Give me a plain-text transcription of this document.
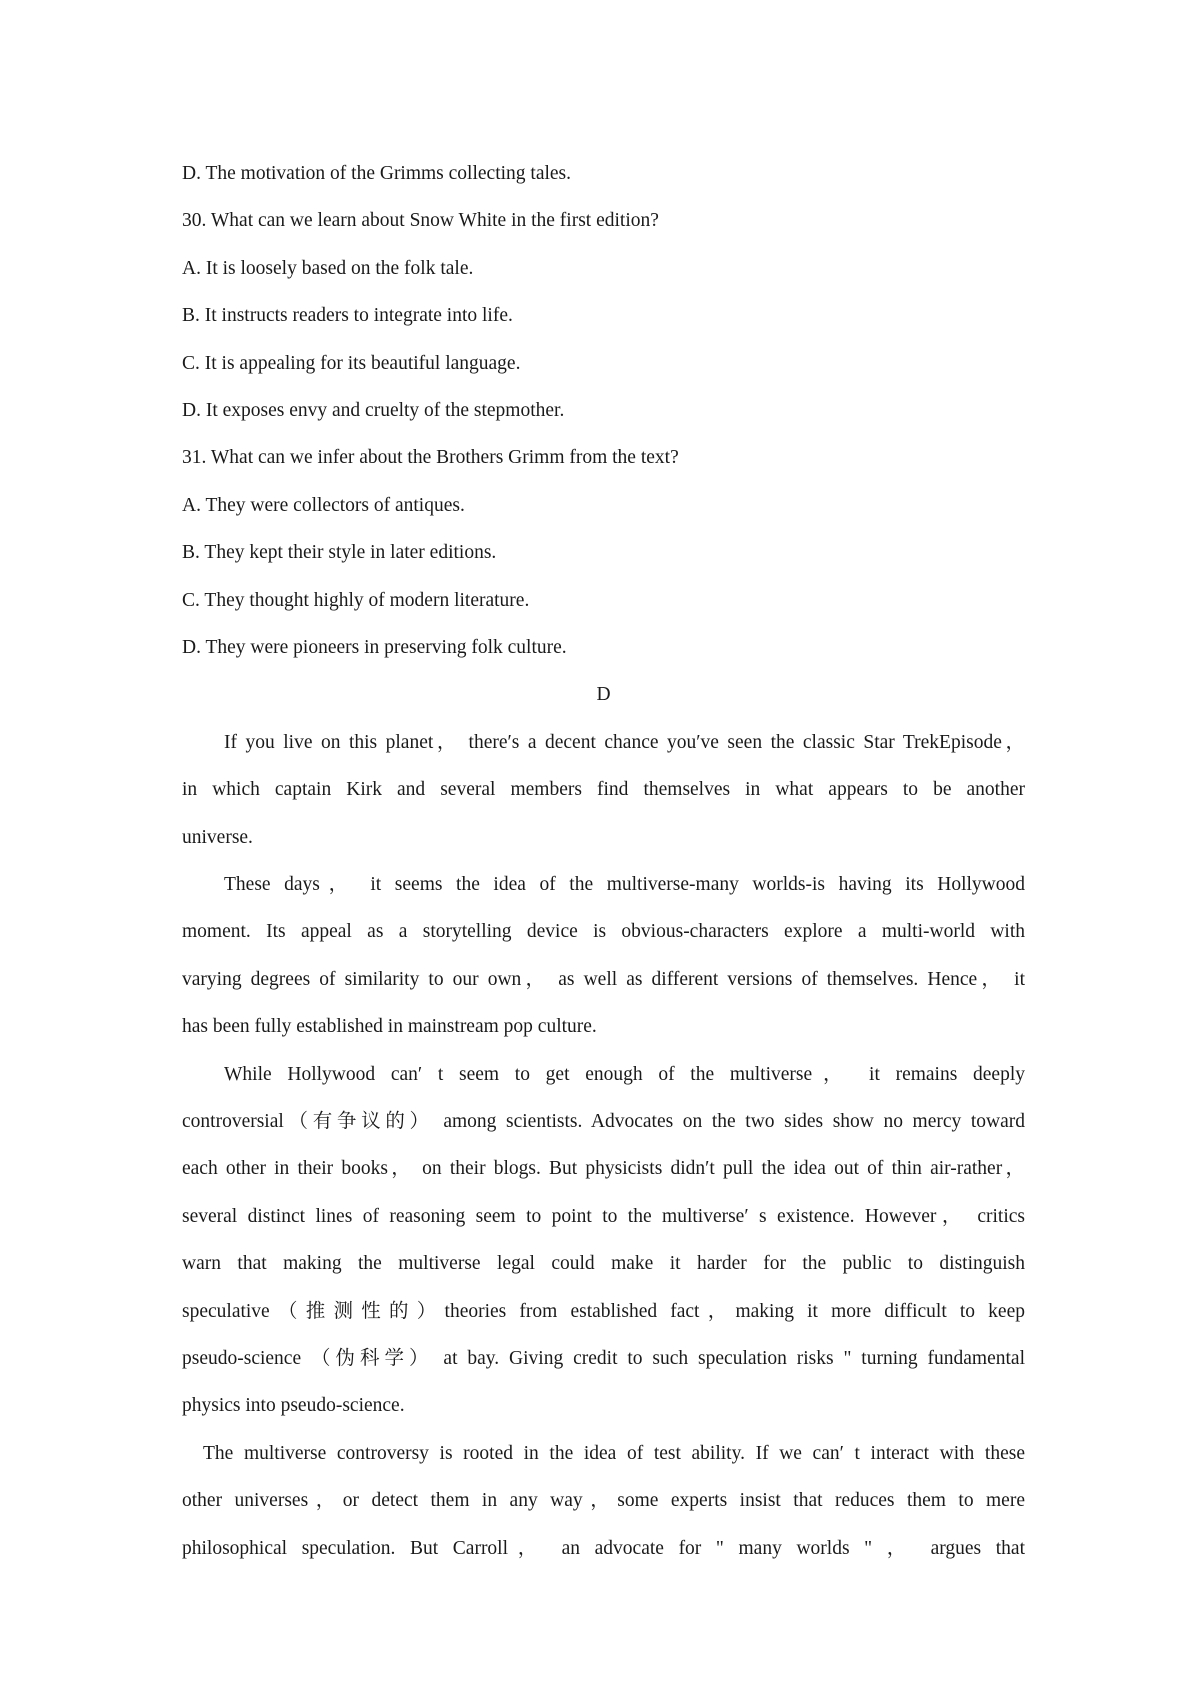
D. The motivation of the Grimms collecting tales.
30. What can we learn about Snow White in the first edition?
A. It is loosely based on the folk tale.
B. It instructs readers to integrate into life.
C. It is appealing for its beautiful language.
D. It exposes envy and cruelty of the stepmother.
31. What can we infer about the Brothers Grimm from the text?
A. They were collectors of antiques.
B. They kept their style in later editions.
C. They thought highly of modern literature.
D. They were pioneers in preserving folk culture.
D
If you live on this planet， there′s a decent chance you′ve seen the classic Star TrekEpisode，
in which captain Kirk and several members find themselves in what appears to be another
universe.
These days， it seems the idea of the multiverse-many worlds-is having its Hollywood
moment. Its appeal as a storytelling device is obvious-characters explore a multi-world with
varying degrees of similarity to our own， as well as different versions of themselves. Hence， it
has been fully established in mainstream pop culture.
While Hollywood can′ t seem to get enough of the multiverse， it remains deeply
controversial（有争议的） among scientists. Advocates on the two sides show no mercy toward
each other in their books， on their blogs. But physicists didn′t pull the idea out of thin air-rather，
several distinct lines of reasoning seem to point to the multiverse′ s existence. However， critics
warn that making the multiverse legal could make it harder for the public to distinguish
speculative（推测性的）theories from established fact，making it more difficult to keep
pseudo-science （伪科学） at bay. Giving credit to such speculation risks " turning fundamental
physics into pseudo-science.
The multiverse controversy is rooted in the idea of test ability. If we can′ t interact with these
other universes，or detect them in any way，some experts insist that reduces them to mere
philosophical speculation. But Carroll， an advocate for " many worlds " ， argues that
